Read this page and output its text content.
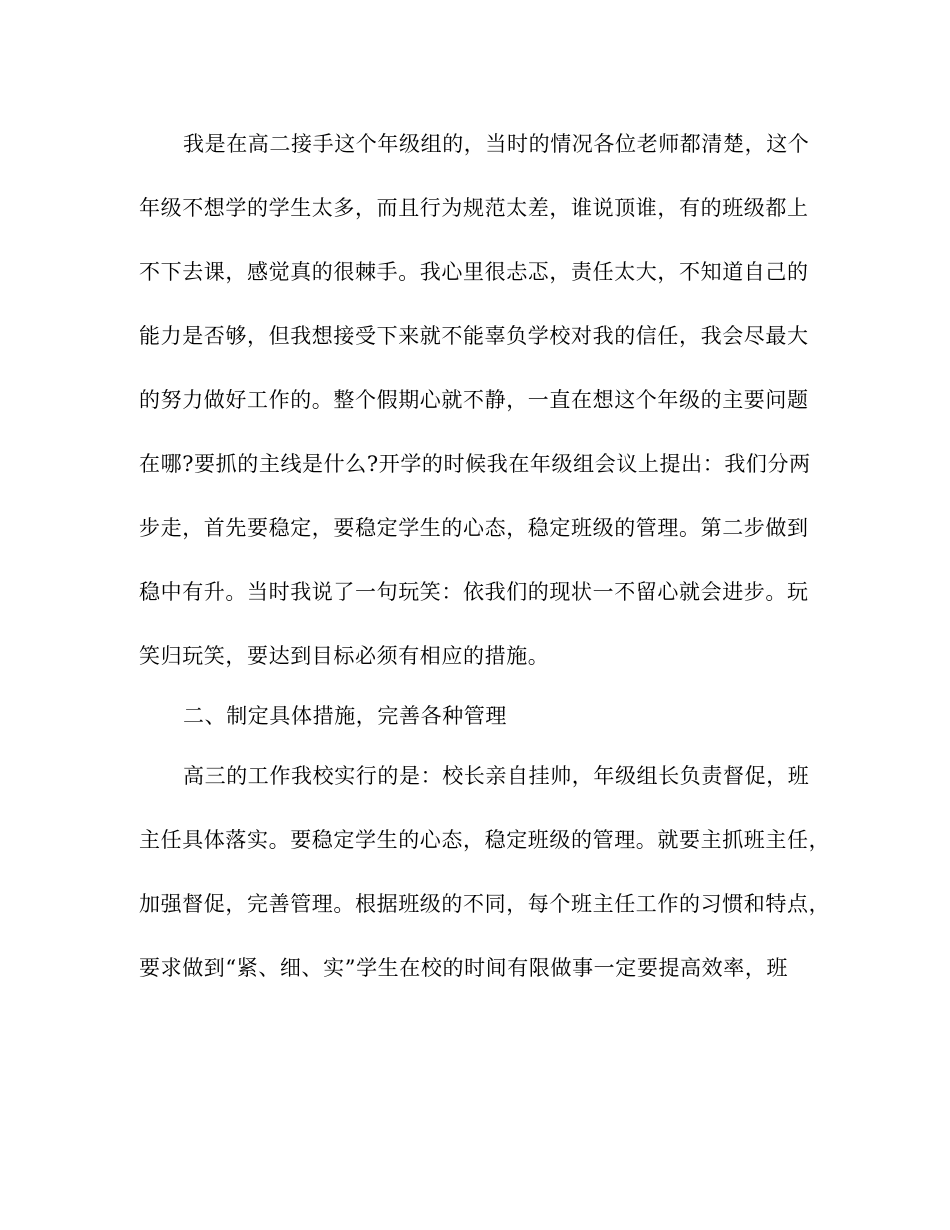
我是在高二接手这个年级组的，当时的情况各位老师都清楚，这个
年级不想学的学生太多，而且行为规范太差，谁说顶谁，有的班级都上
不下去课，感觉真的很棘手。我心里很忐忑，责任太大，不知道自己的
能力是否够，但我想接受下来就不能辜负学校对我的信任，我会尽最大
的努力做好工作的。整个假期心就不静，一直在想这个年级的主要问题
在哪?要抓的主线是什么?开学的时候我在年级组会议上提出：我们分两
步走，首先要稳定，要稳定学生的心态，稳定班级的管理。第二步做到
稳中有升。当时我说了一句玩笑：依我们的现状一不留心就会进步。玩
笑归玩笑，要达到目标必须有相应的措施。
二、制定具体措施，完善各种管理
高三的工作我校实行的是：校长亲自挂帅，年级组长负责督促，班
主任具体落实。要稳定学生的心态，稳定班级的管理。就要主抓班主任，
加强督促，完善管理。根据班级的不同，每个班主任工作的习惯和特点，
要求做到“紧、细、实”学生在校的时间有限做事一定要提高效率，班
